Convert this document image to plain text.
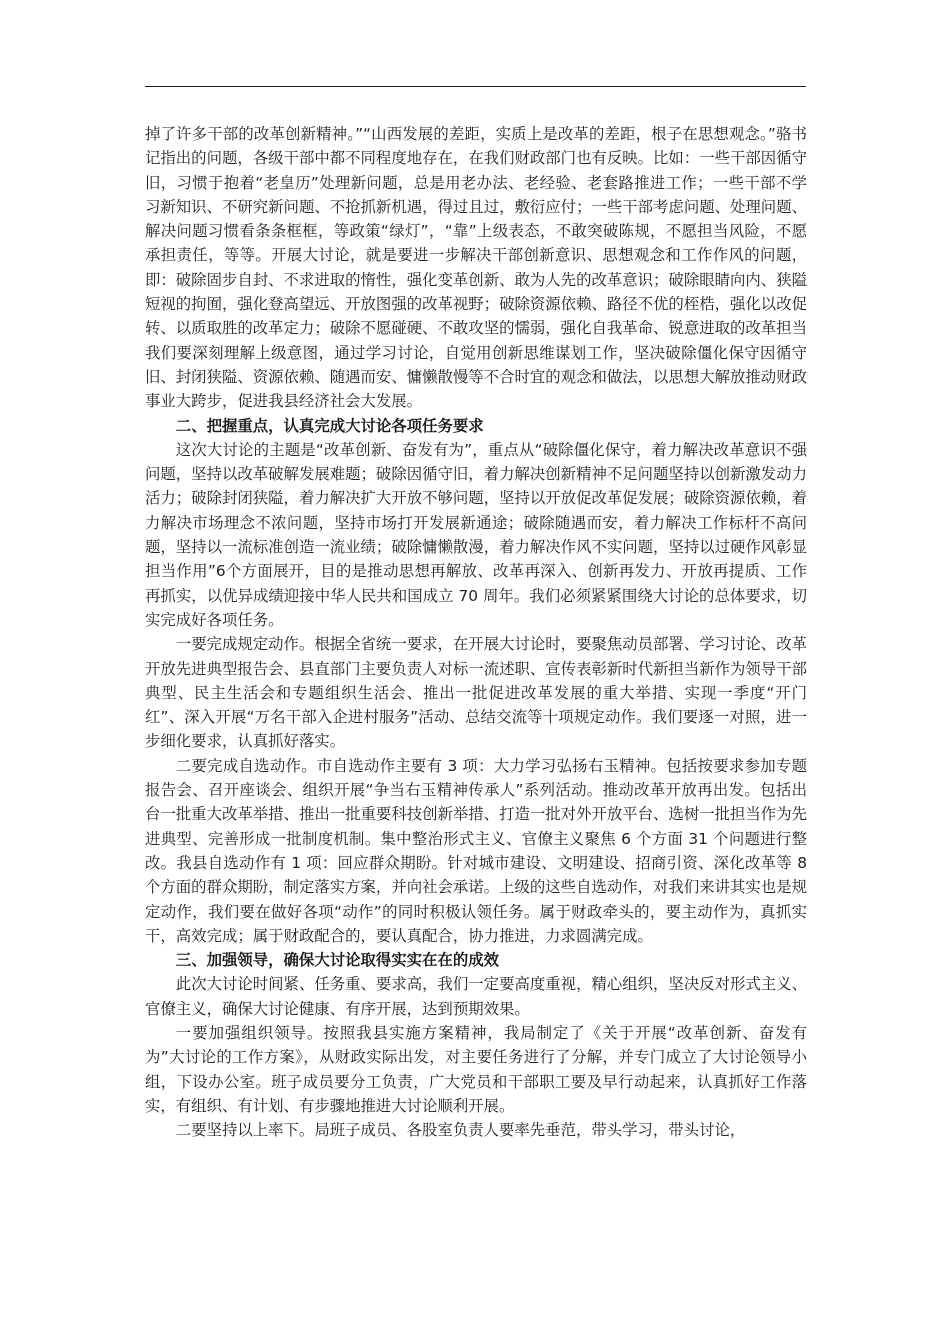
掉了许多干部的改革创新精神。”“山西发展的差距，实质上是改革的差距，根子在思想观念。”骆书记指出的问题，各级干部中都不同程度地存在，在我们财政部门也有反映。比如：一些干部因循守旧，习惯于抱着“老皇历”处理新问题，总是用老办法、老经验、老套路推进工作；一些干部不学习新知识、不研究新问题、不抢抓新机遇，得过且过，敷衍应付；一些干部考虑问题、处理问题、解决问题习惯看条条框框，等政策“绿灯”，“靠”上级表态，不敢突破陈规，不愿担当风险，不愿承担责任，等等。开展大讨论，就是要进一步解决干部创新意识、思想观念和工作作风的问题，即：破除固步自封、不求进取的惰性，强化变革创新、敢为人先的改革意识；破除眼睛向内、狭隘短视的拘囿，强化登高望远、开放图强的改革视野；破除资源依赖、路径不优的桎梏，强化以改促转、以质取胜的改革定力；破除不愿碰硬、不敢攻坚的懦弱，强化自我革命、锐意进取的改革担当我们要深刻理解上级意图，通过学习讨论，自觉用创新思维谋划工作，坚决破除僵化保守因循守旧、封闭狭隘、资源依赖、随遇而安、慵懒散慢等不合时宜的观念和做法，以思想大解放推动财政事业大跨步，促进我县经济社会大发展。

二、把握重点，认真完成大讨论各项任务要求

这次大讨论的主题是“改革创新、奋发有为”，重点从“破除僵化保守，着力解决改革意识不强问题，坚持以改革破解发展难题；破除因循守旧，着力解决创新精神不足问题坚持以创新激发动力活力；破除封闭狭隘，着力解决扩大开放不够问题，坚持以开放促改革促发展；破除资源依赖，着力解决市场理念不浓问题，坚持市场打开发展新通途；破除随遇而安，着力解决工作标杆不高问题，坚持以一流标准创造一流业绩；破除慵懒散漫，着力解决作风不实问题，坚持以过硬作风彰显担当作用”6个方面展开，目的是推动思想再解放、改革再深入、创新再发力、开放再提质、工作再抓实，以优异成绩迎接中华人民共和国成立 70 周年。我们必须紧紧围绕大讨论的总体要求，切实完成好各项任务。

一要完成规定动作。根据全省统一要求，在开展大讨论时，要聚焦动员部署、学习讨论、改革开放先进典型报告会、县直部门主要负责人对标一流述职、宣传表彰新时代新担当新作为领导干部典型、民主生活会和专题组织生活会、推出一批促进改革发展的重大举措、实现一季度“开门红”、深入开展“万名干部入企进村服务”活动、总结交流等十项规定动作。我们要逐一对照，进一步细化要求，认真抓好落实。

二要完成自选动作。市自选动作主要有 3 项：大力学习弘扬右玉精神。包括按要求参加专题报告会、召开座谈会、组织开展“争当右玉精神传承人”系列活动。推动改革开放再出发。包括出台一批重大改革举措、推出一批重要科技创新举措、打造一批对外开放平台、选树一批担当作为先进典型、完善形成一批制度机制。集中整治形式主义、官僚主义聚焦 6 个方面 31 个问题进行整改。我县自选动作有 1 项：回应群众期盼。针对城市建设、文明建设、招商引资、深化改革等 8 个方面的群众期盼，制定落实方案，并向社会承诺。上级的这些自选动作，对我们来讲其实也是规定动作，我们要在做好各项“动作”的同时积极认领任务。属于财政牵头的，要主动作为，真抓实干，高效完成；属于财政配合的，要认真配合，协力推进，力求圆满完成。

三、加强领导，确保大讨论取得实实在在的成效

此次大讨论时间紧、任务重、要求高，我们一定要高度重视，精心组织，坚决反对形式主义、官僚主义，确保大讨论健康、有序开展，达到预期效果。

一要加强组织领导。按照我县实施方案精神，我局制定了《关于开展“改革创新、奋发有为”大讨论的工作方案》，从财政实际出发，对主要任务进行了分解，并专门成立了大讨论领导小组，下设办公室。班子成员要分工负责，广大党员和干部职工要及早行动起来，认真抓好工作落实，有组织、有计划、有步骤地推进大讨论顺利开展。

二要坚持以上率下。局班子成员、各股室负责人要率先垂范，带头学习，带头讨论，
